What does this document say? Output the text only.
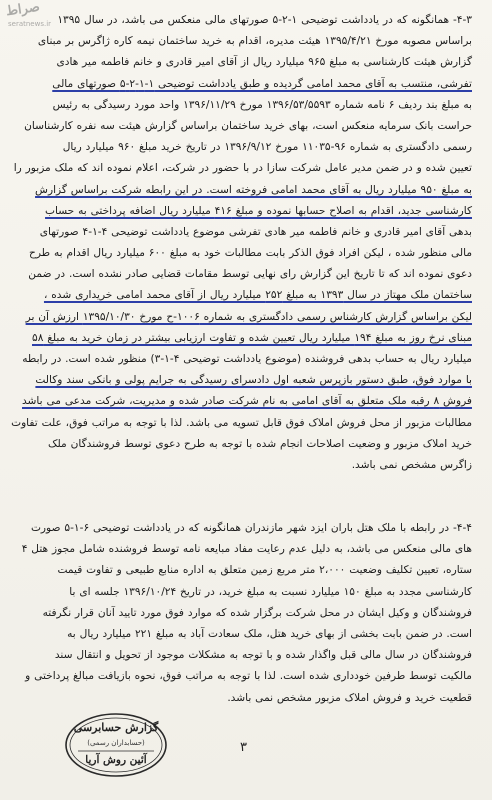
صراط
seratnews.ir ۴-۳- همانگونه که در یادداشت توضیحی ۱-۲-۵ صورتهای مالی منعکس می باشد، در سال ۱۳۹۵
براساس مصوبه مورخ ۱۳۹۵/۴/۲۱ هیئت مدیره، اقدام به خرید ساختمان نیمه کاره ژاگرس بر مبنای
گزارش هیئت کارشناسی به مبلغ ۹۶۵ میلیارد ریال از آقای امیر قادری و خانم فاطمه میر هادی
تفرشی، منتسب به آقای محمد امامی گردیده و طبق یادداشت توضیحی ۱-۱-۲-۵ صورتهای مالی
به مبلغ بند ردیف ۶ نامه شماره ۱۳۹۶/۵۳/۵۵۹۳ مورخ ۱۳۹۶/۱۱/۲۹ واحد مورد رسیدگی به رئیس
حراست بانک سرمایه منعکس است، بهای خرید ساختمان براساس گزارش هیئت سه نفره کارشناسان
رسمی دادگستری به شماره ۹۶-۱۱۰۳۵ مورخ ۱۳۹۶/۹/۱۲ در تاریخ خرید مبلغ ۹۶۰ میلیارد ریال
تعیین شده و در ضمن مدیر عامل شرکت سازا در با حضور در شرکت، اعلام نموده اند که ملک مزبور را
به مبلغ ۹۵۰ میلیارد ریال به آقای محمد امامی فروخته است. در این رابطه شرکت براساس گزارش
کارشناسی جدید، اقدام به اصلاح حسابها نموده و مبلغ ۴۱۶ میلیارد ریال اضافه پرداختی به حساب
بدهی آقای امیر قادری و خانم فاطمه میر هادی تفرشی موضوع یادداشت توضیحی ۴-۱-۴ صورتهای
مالی منظور شده ، لیکن افراد فوق الذکر بابت مطالبات خود به مبلغ ۶۰۰ میلیارد ریال اقدام به طرح
دعوی نموده اند که تا تاریخ این گزارش رای نهایی توسط مقامات قضایی صادر نشده است. در ضمن
ساختمان ملک مهتاز در سال ۱۳۹۳ به مبلغ ۲۵۲ میلیارد ریال از آقای محمد امامی خریداری شده ،
لیکن براساس گزارش کارشناس رسمی دادگستری به شماره ۱۰۰۶-ح مورخ ۱۳۹۵/۱۰/۳۰ ارزش آن بر
مبنای نرخ روز به مبلغ ۱۹۴ میلیارد ریال تعیین شده و تفاوت ارزیابی بیشتر در زمان خرید به مبلغ ۵۸
میلیارد ریال به حساب بدهی فروشنده (موضوع یادداشت توضیحی ۴-۱-۳) منظور شده است. در رابطه
با موارد فوق، طبق دستور بازپرس شعبه اول دادسرای رسیدگی به جرایم پولی و بانکی سند وکالت
فروش ۸ رقبه ملک متعلق به آقای امامی به نام شرکت صادر شده و مدیریت، شرکت مدعی می باشد
مطالبات مزبور از محل فروش املاک فوق قابل تسویه می باشد. لذا با توجه به مراتب فوق، علت تفاوت
خرید املاک مزبور و وضعیت اصلاحات انجام شده با توجه به طرح دعوی توسط فروشندگان ملک
زاگرس مشخص نمی باشد.
۴-۴- در رابطه با ملک هتل باران ایزد شهر مازندران همانگونه که در یادداشت توضیحی ۶-۱-۵ صورت
های مالی منعکس می باشد، به دلیل عدم رعایت مفاد مبایعه نامه توسط فروشنده شامل مجوز هتل ۴
ستاره، تعیین تکلیف وضعیت ۲،۰۰۰ متر مربع زمین متعلق به اداره منابع طبیعی و تفاوت قیمت
کارشناسی مجدد به مبلغ ۱۵۰ میلیارد نسبت به مبلغ خرید، در تاریخ ۱۳۹۶/۱۰/۲۴ جلسه ای با
فروشندگان و وکیل ایشان در محل شرکت برگزار شده که موارد فوق مورد تایید آنان قرار نگرفته
است. در ضمن بابت بخشی از بهای خرید هتل، ملک سعادت آباد به مبلغ ۲۲۱ میلیارد ریال به
فروشندگان در سال مالی قبل واگذار شده و با توجه به مشکلات موجود از تحویل و انتقال سند
مالکیت توسط طرفین خودداری شده است. لذا با توجه به مراتب فوق، نحوه بازیافت مبالغ پرداختی و
قطعیت خرید و فروش املاک مزبور مشخص نمی باشد.
گزارش حسابرسی
(حسابداران رسمی)
آئین روش آریا
۳
